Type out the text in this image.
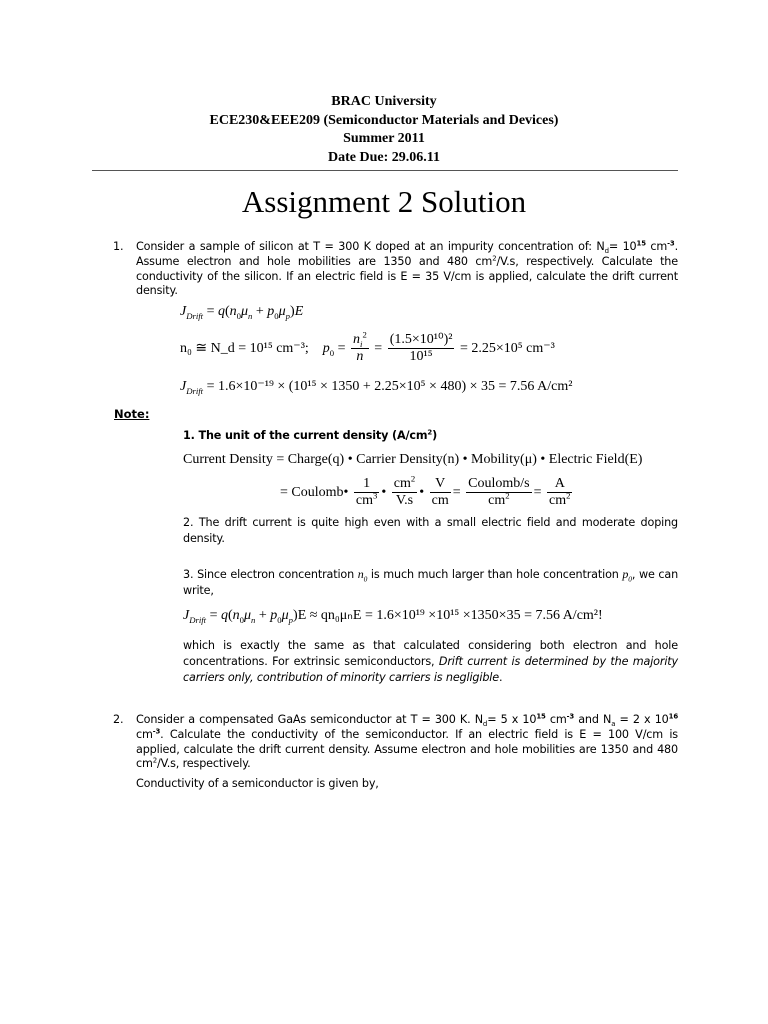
BRAC University
ECE230&EEE209 (Semiconductor Materials and Devices)
Summer 2011
Date Due: 29.06.11
Assignment 2 Solution
1. Consider a sample of silicon at T = 300 K doped at an impurity concentration of: $N_d= 10^{15}$ $cm^{-3}$. Assume electron and hole mobilities are 1350 and 480 $cm^2/V.s$, respectively. Calculate the conductivity of the silicon. If an electric field is E = 35 V/cm is applied, calculate the drift current density.
$J_{Drift} = q(n_0\mu_n + p_0\mu_p)E$
n₀ ≅ N_d = 10¹⁵ cm⁻³; $p_0 = \frac{n_i^2}{n} = \frac{\text{(1.5×10¹⁰)²}}{\text{10¹⁵}} = 2.25\times 10^5$ cm⁻³
$J_{Drift} = 1.6\times 10^{-19} \times (10^{15} \times 1350 + 2.25\times 10^5 \times 480) \times 35 = 7.56$ A/cm²
Note:
1. The unit of the current density $(A/cm^2)$
Current Density = Charge(q) • Carrier Density(n) • Mobility(μ) • Electric Field(E)
= Coulomb• $\frac{1}{cm^3}$ • $\frac{cm^2}{V.s}$ • $\frac{V}{cm} = \frac{\text{Coulomb/s}}{cm^2} = \frac{A}{cm^2}$
2. The drift current is quite high even with a small electric field and moderate doping density.
3. Since electron concentration $n_0$ is much much larger than hole concentration $p_0$, we can write,
$J_{Drift} = q(n_0\mu_n + p_0\mu_p)E \approx qn_0\mu_nE = 1.6\times 10^{19} \times 10^{15} \times 1350\times 35 = 7.56$ A/cm²!
which is exactly the same as that calculated considering both electron and hole concentrations. For extrinsic semiconductors, Drift current is determined by the majority carriers only, contribution of minority carriers is negligible.
2. Consider a compensated GaAs semiconductor at T = 300 K. $N_d= 5$ x $10^{15}$ $cm^{-3}$ and $N_a = 2$ x $10^{16}$ $cm^{-3}$. Calculate the conductivity of the semiconductor. If an electric field is E = 100 V/cm is applied, calculate the drift current density. Assume electron and hole mobilities are 1350 and 480 $cm^2/V.s$, respectively.
Conductivity of a semiconductor is given by,
